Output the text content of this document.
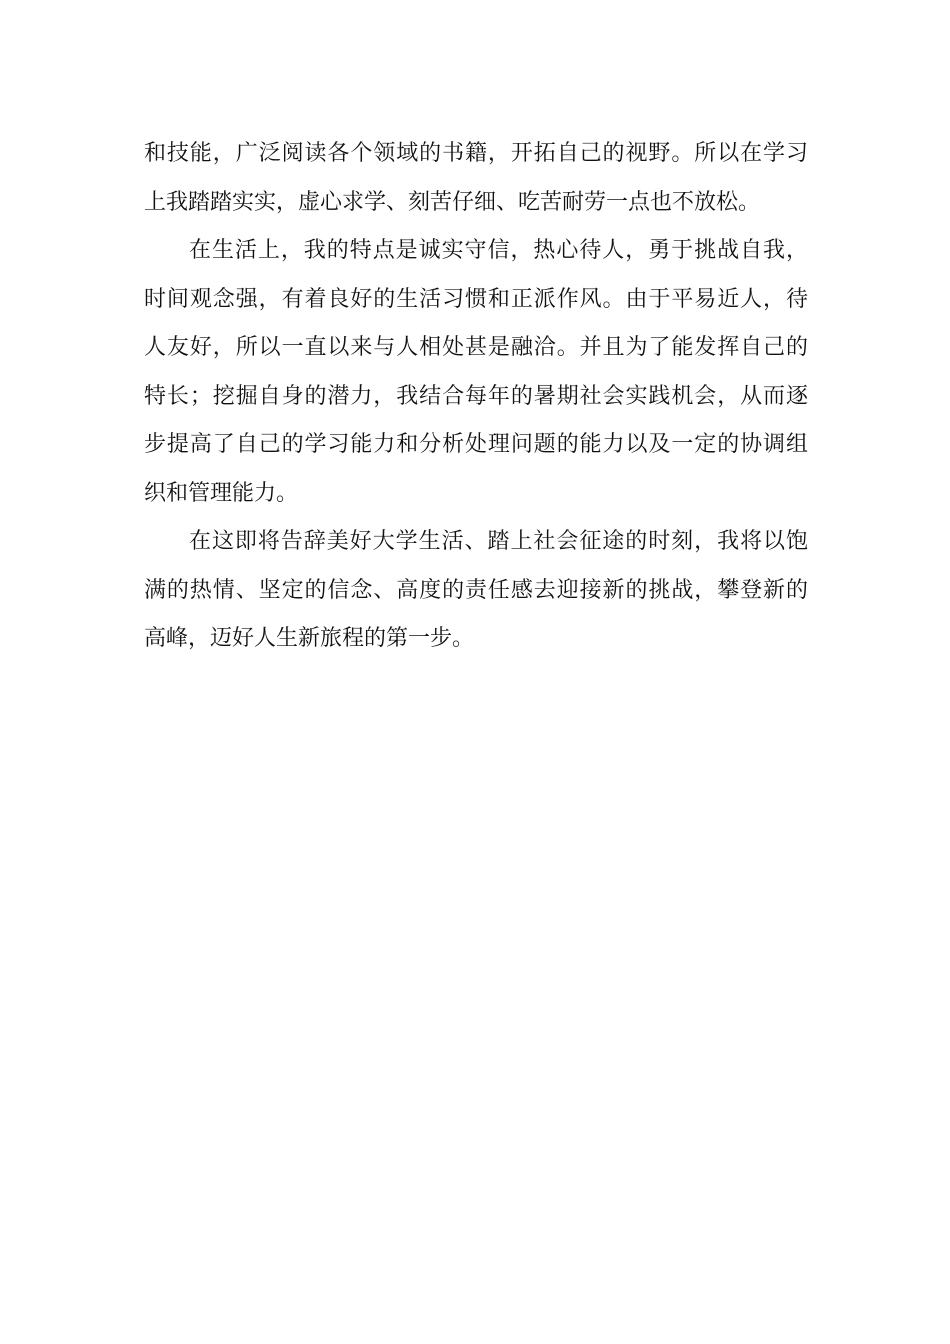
和技能，广泛阅读各个领域的书籍，开拓自己的视野。所以在学习
上我踏踏实实，虚心求学、刻苦仔细、吃苦耐劳一点也不放松。
在生活上，我的特点是诚实守信，热心待人，勇于挑战自我，
时间观念强，有着良好的生活习惯和正派作风。由于平易近人，待
人友好，所以一直以来与人相处甚是融洽。并且为了能发挥自己的
特长；挖掘自身的潜力，我结合每年的暑期社会实践机会，从而逐
步提高了自己的学习能力和分析处理问题的能力以及一定的协调组
织和管理能力。
在这即将告辞美好大学生活、踏上社会征途的时刻，我将以饱
满的热情、坚定的信念、高度的责任感去迎接新的挑战，攀登新的
高峰，迈好人生新旅程的第一步。
